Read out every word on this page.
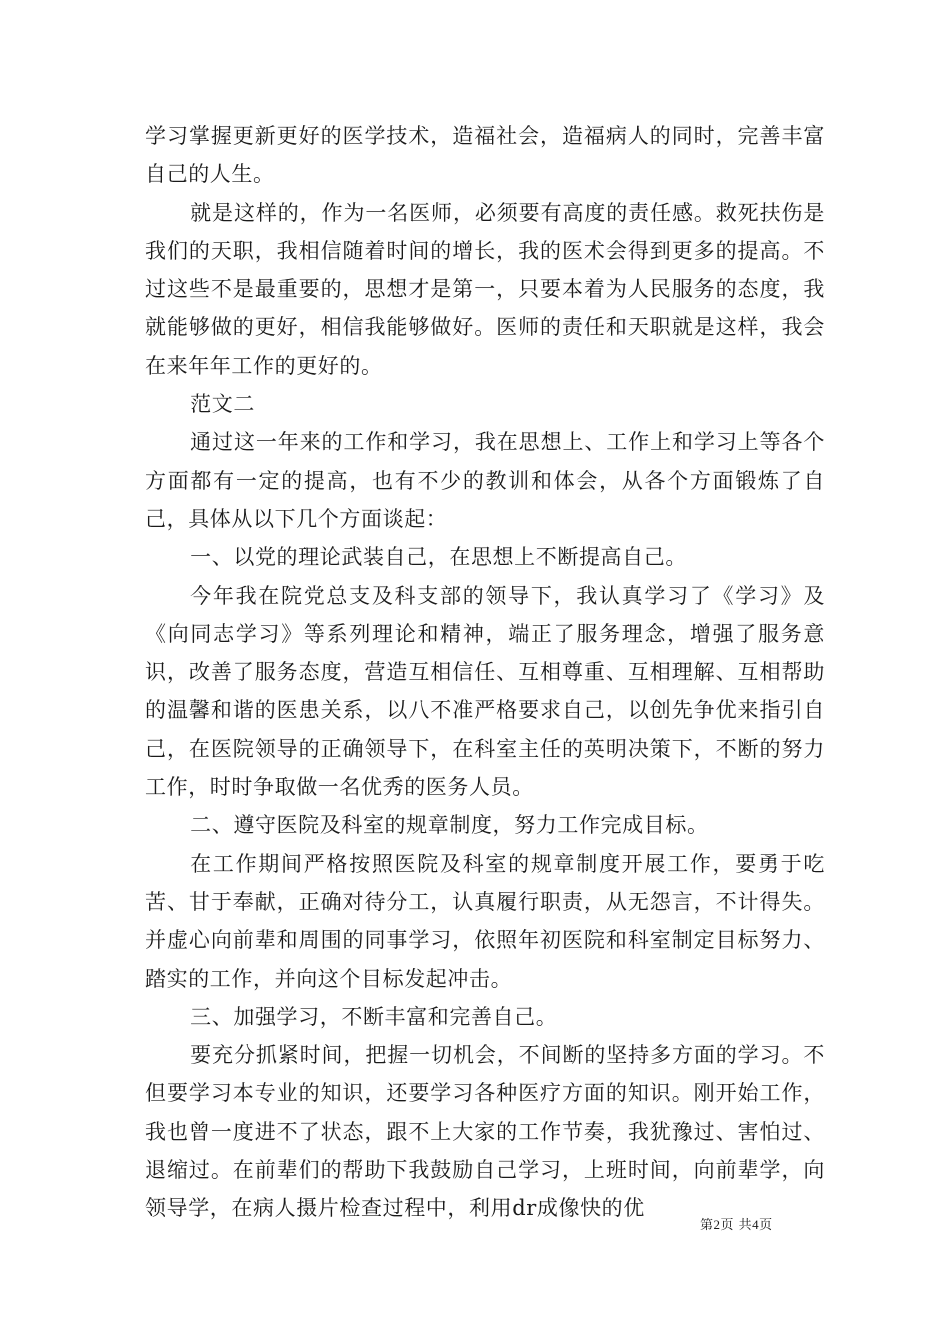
学习掌握更新更好的医学技术，造福社会，造福病人的同时，完善丰富自己的人生。

就是这样的，作为一名医师，必须要有高度的责任感。救死扶伤是我们的天职，我相信随着时间的增长，我的医术会得到更多的提高。不过这些不是最重要的，思想才是第一，只要本着为人民服务的态度，我就能够做的更好，相信我能够做好。医师的责任和天职就是这样，我会在来年年工作的更好的。

范文二

通过这一年来的工作和学习，我在思想上、工作上和学习上等各个方面都有一定的提高，也有不少的教训和体会，从各个方面锻炼了自己，具体从以下几个方面谈起：

一、以党的理论武装自己，在思想上不断提高自己。

今年我在院党总支及科支部的领导下，我认真学习了《学习》及《向同志学习》等系列理论和精神，端正了服务理念，增强了服务意识，改善了服务态度，营造互相信任、互相尊重、互相理解、互相帮助的温馨和谐的医患关系，以八不准严格要求自己，以创先争优来指引自己，在医院领导的正确领导下，在科室主任的英明决策下，不断的努力工作，时时争取做一名优秀的医务人员。

二、遵守医院及科室的规章制度，努力工作完成目标。

在工作期间严格按照医院及科室的规章制度开展工作，要勇于吃苦、甘于奉献，正确对待分工，认真履行职责，从无怨言，不计得失。并虚心向前辈和周围的同事学习，依照年初医院和科室制定目标努力、踏实的工作，并向这个目标发起冲击。

三、加强学习，不断丰富和完善自己。

要充分抓紧时间，把握一切机会，不间断的坚持多方面的学习。不但要学习本专业的知识，还要学习各种医疗方面的知识。刚开始工作，我也曾一度进不了状态，跟不上大家的工作节奏，我犹豫过、害怕过、退缩过。在前辈们的帮助下我鼓励自己学习，上班时间，向前辈学，向领导学，在病人摄片检查过程中，利用dr成像快的优

第2页 共4页
